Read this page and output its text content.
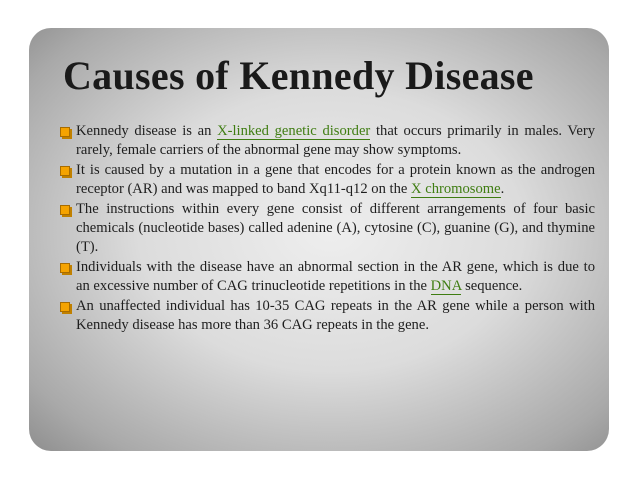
Causes of Kennedy Disease
Kennedy disease is an X-linked genetic disorder that occurs primarily in males. Very rarely, female carriers of the abnormal gene may show symptoms.
It is caused by a mutation in a gene that encodes for a protein known as the androgen receptor (AR) and was mapped to band Xq11-q12 on the X chromosome.
The instructions within every gene consist of different arrangements of four basic chemicals (nucleotide bases) called adenine (A), cytosine (C), guanine (G), and thymine (T).
Individuals with the disease have an abnormal section in the AR gene, which is due to an excessive number of CAG trinucleotide repetitions in the DNA sequence.
An unaffected individual has 10-35 CAG repeats in the AR gene while a person with Kennedy disease has more than 36 CAG repeats in the gene.
